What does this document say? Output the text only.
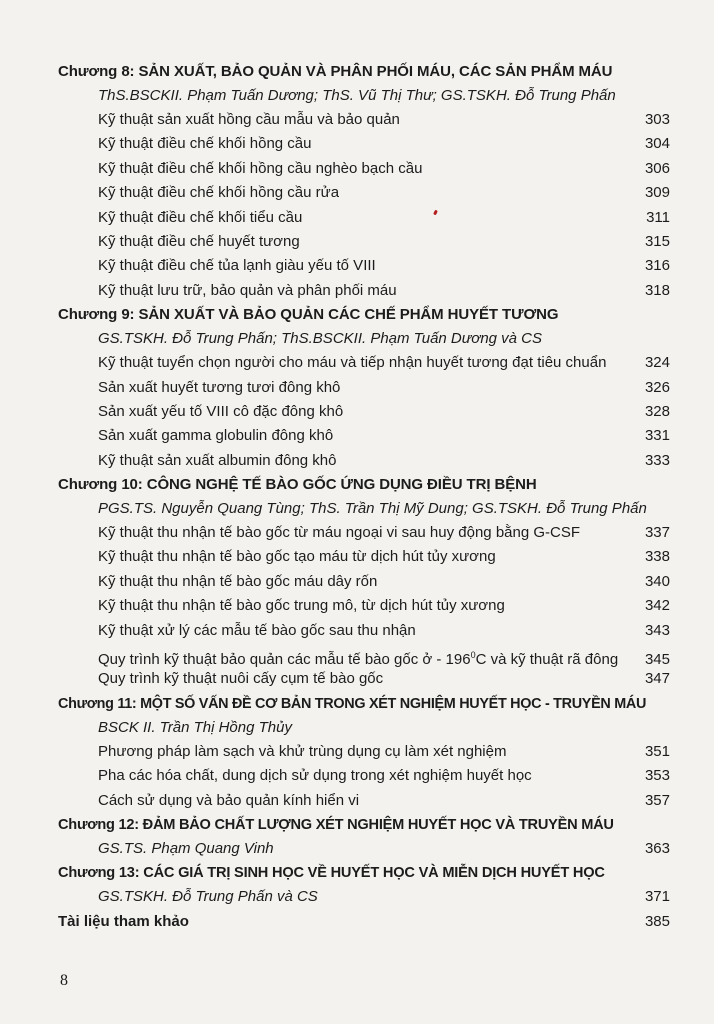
Chương 8: SẢN XUẤT, BẢO QUẢN VÀ PHÂN PHỐI MÁU, CÁC SẢN PHẨM MÁU
ThS.BSCKII. Phạm Tuấn Dương; ThS. Vũ Thị Thư; GS.TSKH. Đỗ Trung Phấn
Kỹ thuật sản xuất hồng cầu mẫu và bảo quản	303
Kỹ thuật điều chế khối hồng cầu	304
Kỹ thuật điều chế khối hồng cầu nghèo bạch cầu	306
Kỹ thuật điều chế khối hồng cầu rửa	309
Kỹ thuật điều chế khối tiểu cầu	311
Kỹ thuật điều chế huyết tương	315
Kỹ thuật điều chế tủa lạnh giàu yếu tố VIII	316
Kỹ thuật lưu trữ, bảo quản và phân phối máu	318
Chương 9: SẢN XUẤT VÀ BẢO QUẢN CÁC CHẾ PHẨM HUYẾT TƯƠNG
GS.TSKH. Đỗ Trung Phấn; ThS.BSCKII. Phạm Tuấn Dương và CS
Kỹ thuật tuyển chọn người cho máu và tiếp nhận huyết tương đạt tiêu chuẩn	324
Sản xuất huyết tương tươi đông khô	326
Sản xuất yếu tố VIII cô đặc đông khô	328
Sản xuất gamma globulin đông khô	331
Kỹ thuật sản xuất albumin đông khô	333
Chương 10: CÔNG NGHỆ TẾ BÀO GỐC ỨNG DỤNG ĐIỀU TRỊ BỆNH
PGS.TS. Nguyễn Quang Tùng; ThS. Trần Thị Mỹ Dung; GS.TSKH. Đỗ Trung Phấn
Kỹ thuật thu nhận tế bào gốc từ máu ngoại vi sau huy động bằng G-CSF	337
Kỹ thuật thu nhận tế bào gốc tạo máu từ dịch hút tủy xương	338
Kỹ thuật thu nhận tế bào gốc máu dây rốn	340
Kỹ thuật thu nhận tế bào gốc trung mô, từ dịch hút tủy xương	342
Kỹ thuật xử lý các mẫu tế bào gốc sau thu nhận	343
Quy trình kỹ thuật bảo quản các mẫu tế bào gốc ở - $196^0C$ và kỹ thuật rã đông	345
Quy trình kỹ thuật nuôi cấy cụm tế bào gốc	347
Chương 11: MỘT SỐ VẤN ĐỀ CƠ BẢN TRONG XÉT NGHIỆM HUYẾT HỌC - TRUYỀN MÁU
BSCK II. Trần Thị Hồng Thủy
Phương pháp làm sạch và khử trùng dụng cụ làm xét nghiệm	351
Pha các hóa chất, dung dịch sử dụng trong xét nghiệm huyết học	353
Cách sử dụng và bảo quản kính hiển vi	357
Chương 12: ĐẢM BẢO CHẤT LƯỢNG XÉT NGHIỆM HUYẾT HỌC VÀ TRUYỀN MÁU
GS.TS. Phạm Quang Vinh	363
Chương 13: CÁC GIÁ TRỊ SINH HỌC VỀ HUYẾT HỌC VÀ MIỄN DỊCH HUYẾT HỌC
GS.TSKH. Đỗ Trung Phấn và CS	371
Tài liệu tham khảo	385
8
